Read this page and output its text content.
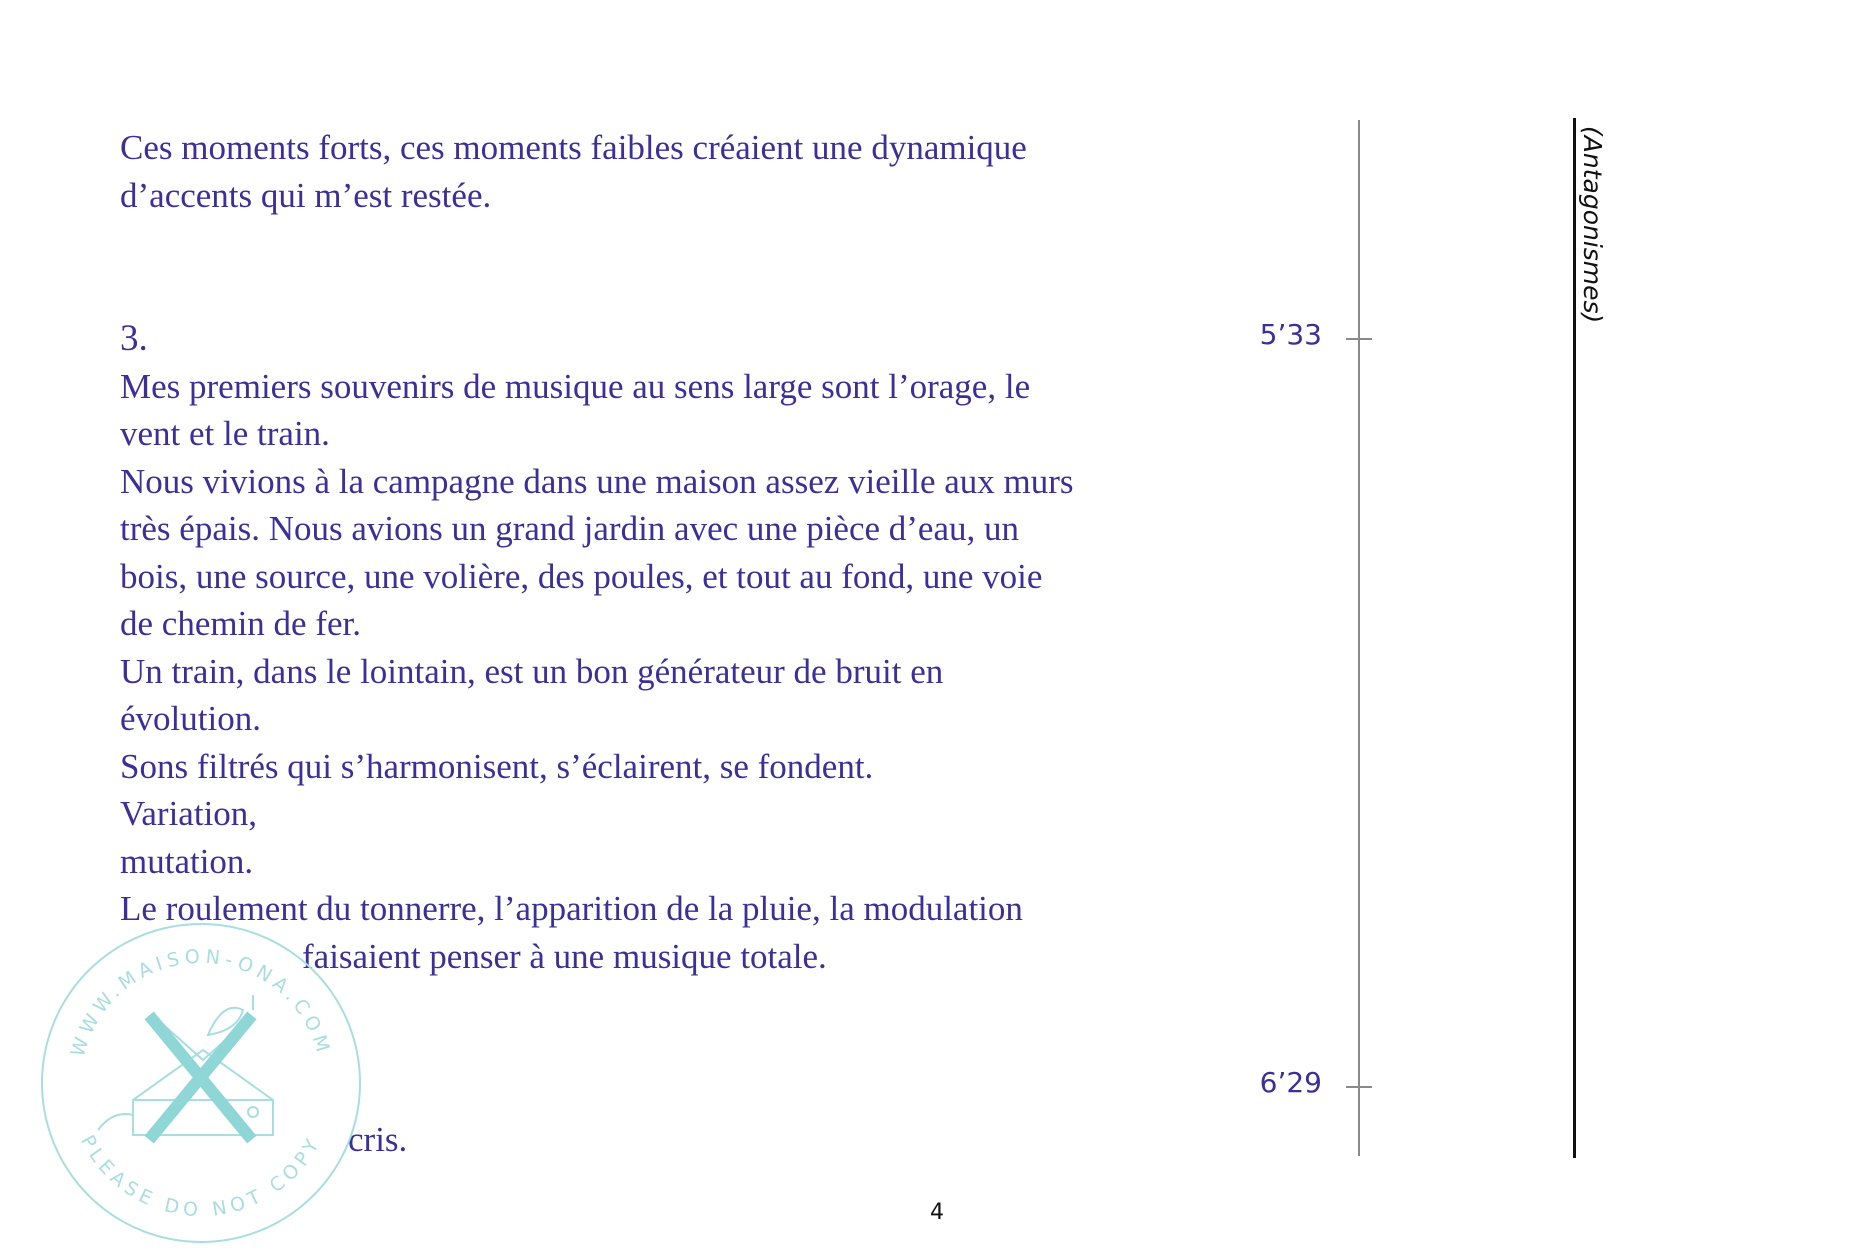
Ces moments forts, ces moments faibles créaient une dynamique

d’accents qui m’est restée.

3.

Mes premiers souvenirs de musique au sens large sont l’orage, le

vent et le train.

Nous vivions à la campagne dans une maison assez vieille aux murs

très épais. Nous avions un grand jardin avec une pièce d’eau, un

bois, une source, une volière, des poules, et tout au fond, une voie

de chemin de fer.

Un train, dans le lointain, est un bon générateur de bruit en

évolution.

Sons filtrés qui s’harmonisent, s’éclairent, se fondent.

Variation,

mutation.

Le roulement du tonnerre, l’apparition de la pluie, la modulation

faisaient penser à une musique totale.

cris.

5’33
6’29
(Antagonismes)
4
WWW.MAISON-ONA.COM
PLEASE DO NOT COPY
